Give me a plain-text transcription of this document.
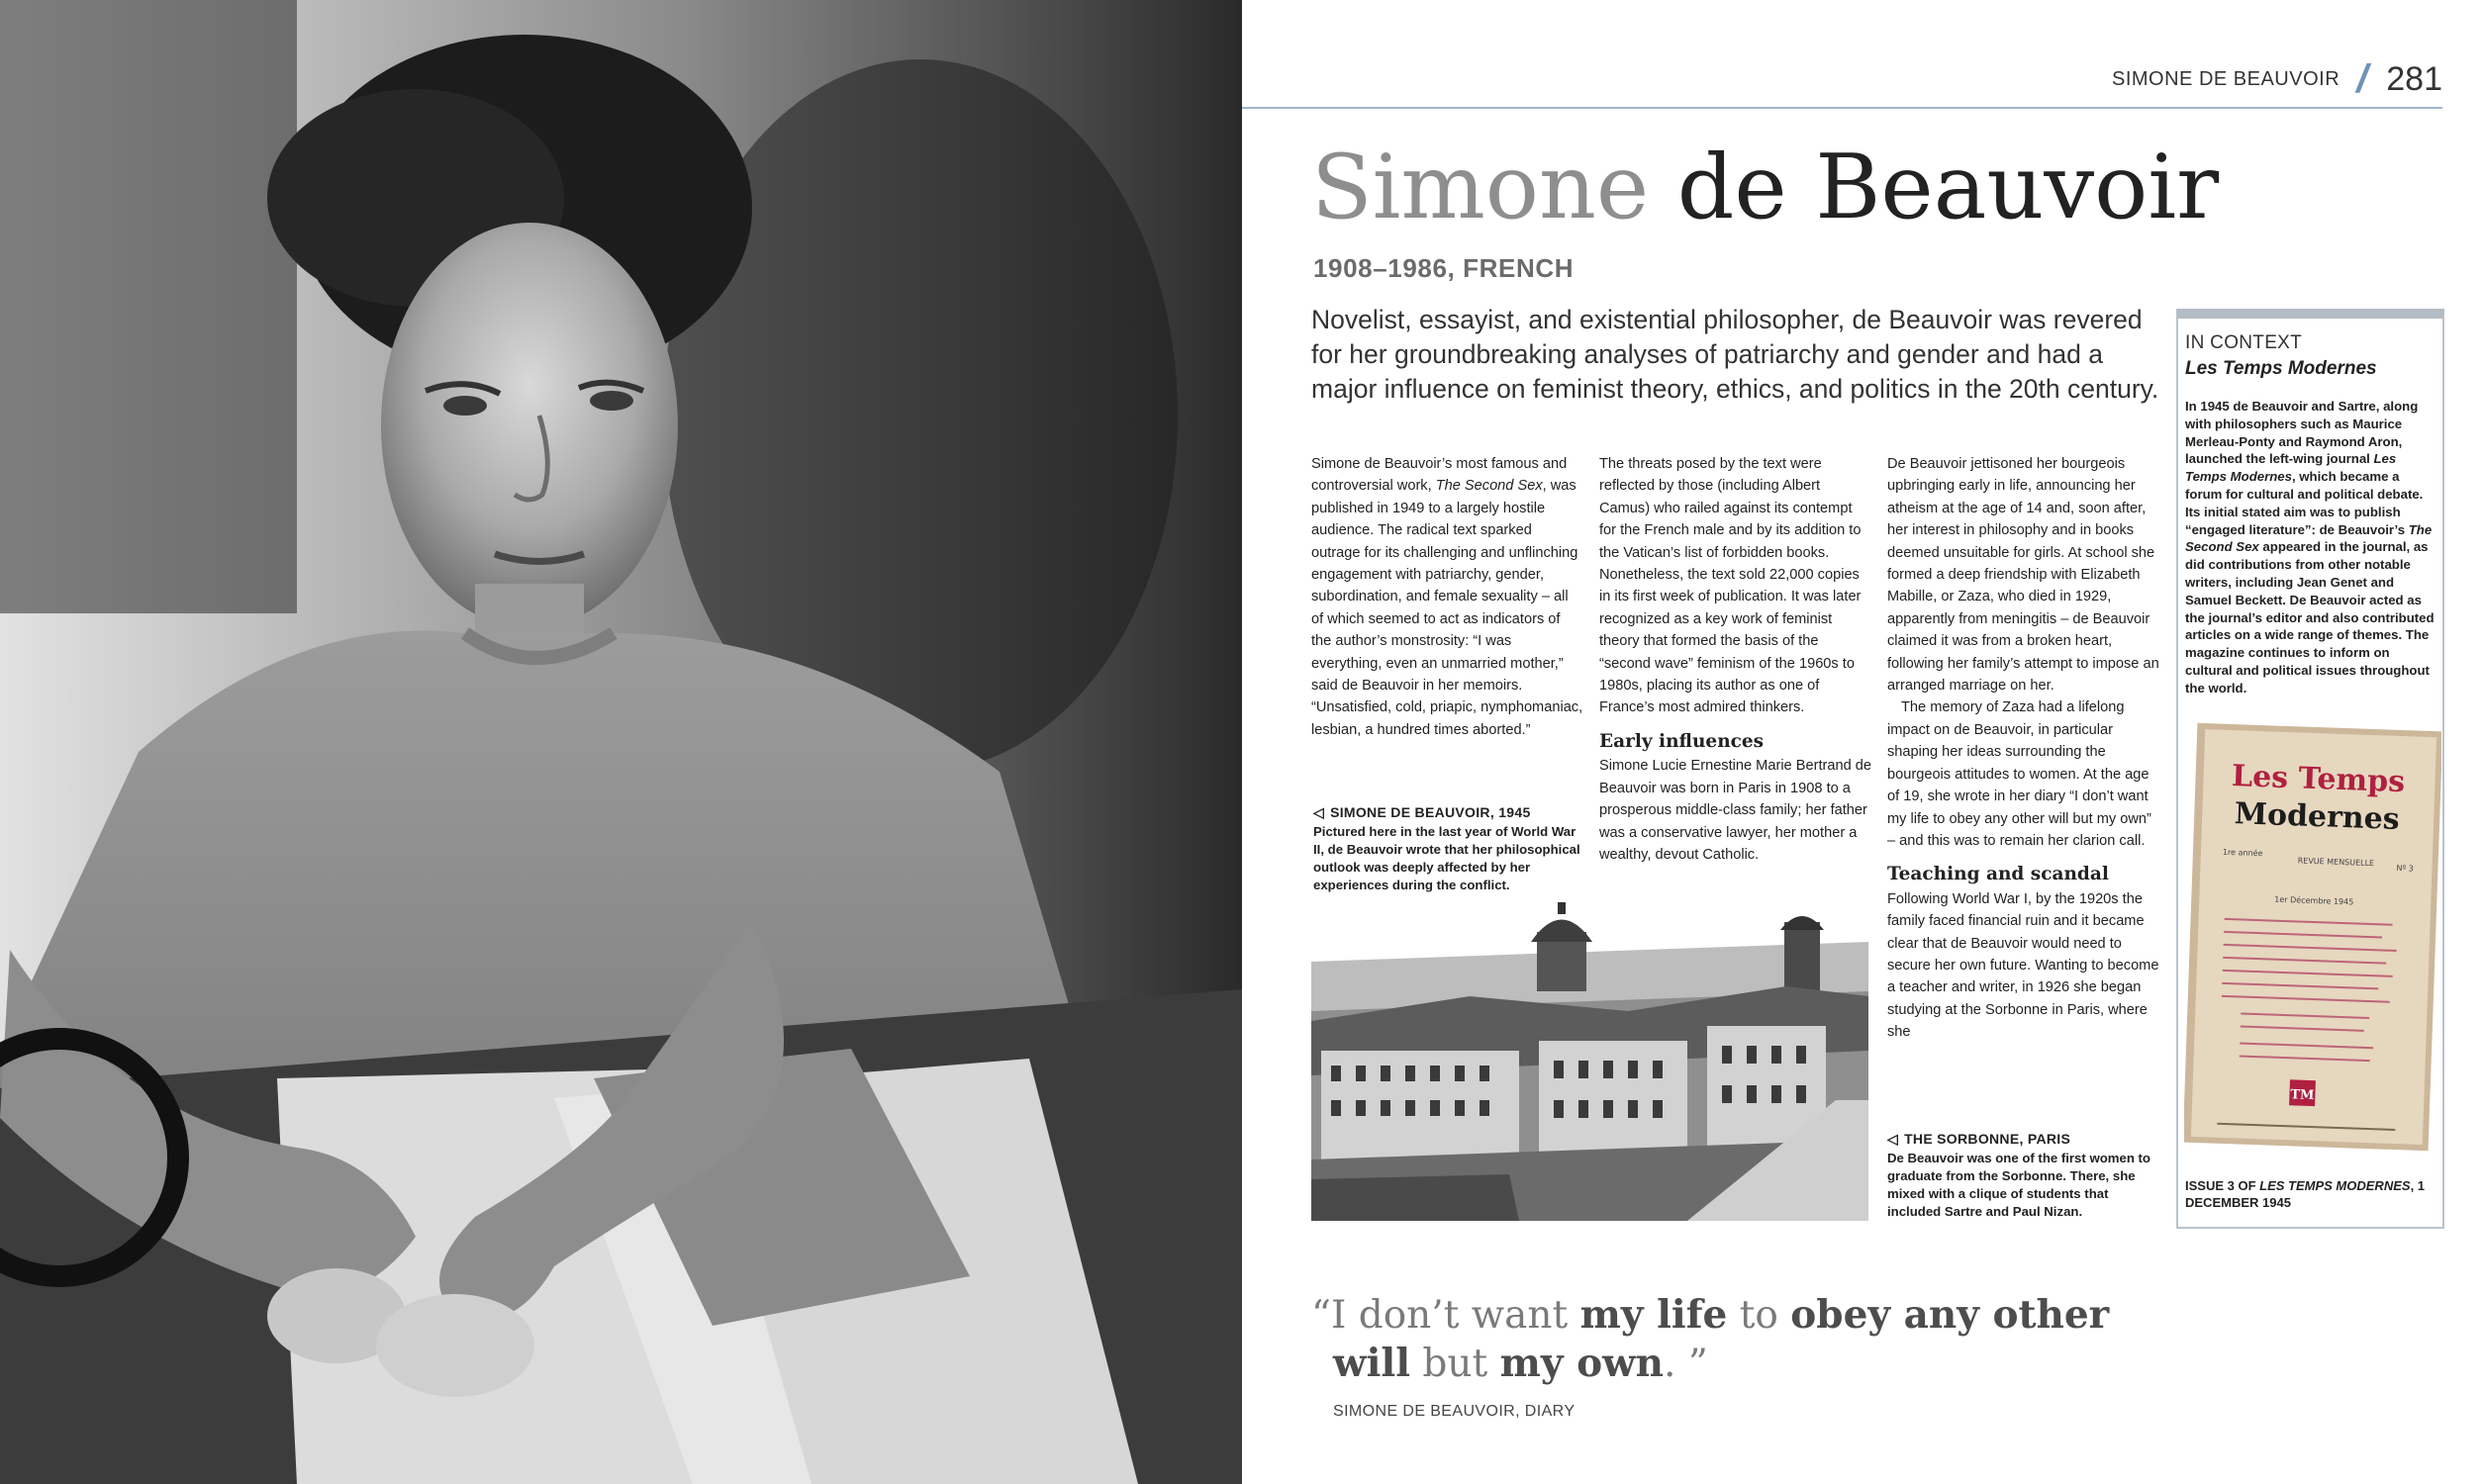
SIMONE DE BEAUVOIR / 281
Simone de Beauvoir
1908–1986, FRENCH
Novelist, essayist, and existential philosopher, de Beauvoir was revered for her groundbreaking analyses of patriarchy and gender and had a major influence on feminist theory, ethics, and politics in the 20th century.

Simone de Beauvoir’s most famous and controversial work, The Second Sex, was published in 1949 to a largely hostile audience. The radical text sparked outrage for its challenging and unflinching engagement with patriarchy, gender, subordination, and female sexuality – all of which seemed to act as indicators of the author’s monstrosity: “I was everything, even an unmarried mother,” said de Beauvoir in her memoirs. “Unsatisfied, cold, priapic, nymphomaniac, lesbian, a hundred times aborted.”

◁ SIMONE DE BEAUVOIR, 1945
Pictured here in the last year of World War II, de Beauvoir wrote that her philosophical outlook was deeply affected by her experiences during the conflict.

The threats posed by the text were reflected by those (including Albert Camus) who railed against its contempt for the French male and by its addition to the Vatican’s list of forbidden books. Nonetheless, the text sold 22,000 copies in its first week of publication. It was later recognized as a key work of feminist theory that formed the basis of the “second wave” feminism of the 1960s to 1980s, placing its author as one of France’s most admired thinkers.

Early influences

Simone Lucie Ernestine Marie Bertrand de Beauvoir was born in Paris in 1908 to a prosperous middle-class family; her father was a conservative lawyer, her mother a wealthy, devout Catholic.

De Beauvoir jettisoned her bourgeois upbringing early in life, announcing her atheism at the age of 14 and, soon after, her interest in philosophy and in books deemed unsuitable for girls. At school she formed a deep friendship with Elizabeth Mabille, or Zaza, who died in 1929, apparently from meningitis – de Beauvoir claimed it was from a broken heart, following her family’s attempt to impose an arranged marriage on her.

The memory of Zaza had a lifelong impact on de Beauvoir, in particular shaping her ideas surrounding the bourgeois attitudes to women. At the age of 19, she wrote in her diary “I don’t want my life to obey any other will but my own” – and this was to remain her clarion call.

Teaching and scandal

Following World War I, by the 1920s the family faced financial ruin and it became clear that de Beauvoir would need to secure her own future. Wanting to become a teacher and writer, in 1926 she began studying at the Sorbonne in Paris, where she

◁ THE SORBONNE, PARIS
De Beauvoir was one of the first women to graduate from the Sorbonne. There, she mixed with a clique of students that included Sartre and Paul Nizan.
IN CONTEXT
Les Temps Modernes
In 1945 de Beauvoir and Sartre, along with philosophers such as Maurice Merleau-Ponty and Raymond Aron, launched the left-wing journal Les Temps Modernes, which became a forum for cultural and political debate. Its initial stated aim was to publish “engaged literature”: de Beauvoir’s The Second Sex appeared in the journal, as did contributions from other notable writers, including Jean Genet and Samuel Beckett. De Beauvoir acted as the journal’s editor and also contributed articles on a wide range of themes. The magazine continues to inform on cultural and political issues throughout the world.
Les Temps
Modernes
1re année
REVUE MENSUELLE
Nº 3
1er Décembre 1945
TM
ISSUE 3 OF LES TEMPS MODERNES, 1 DECEMBER 1945
“I don’t want my life to obey any other
will but my own. ”
SIMONE DE BEAUVOIR, DIARY
